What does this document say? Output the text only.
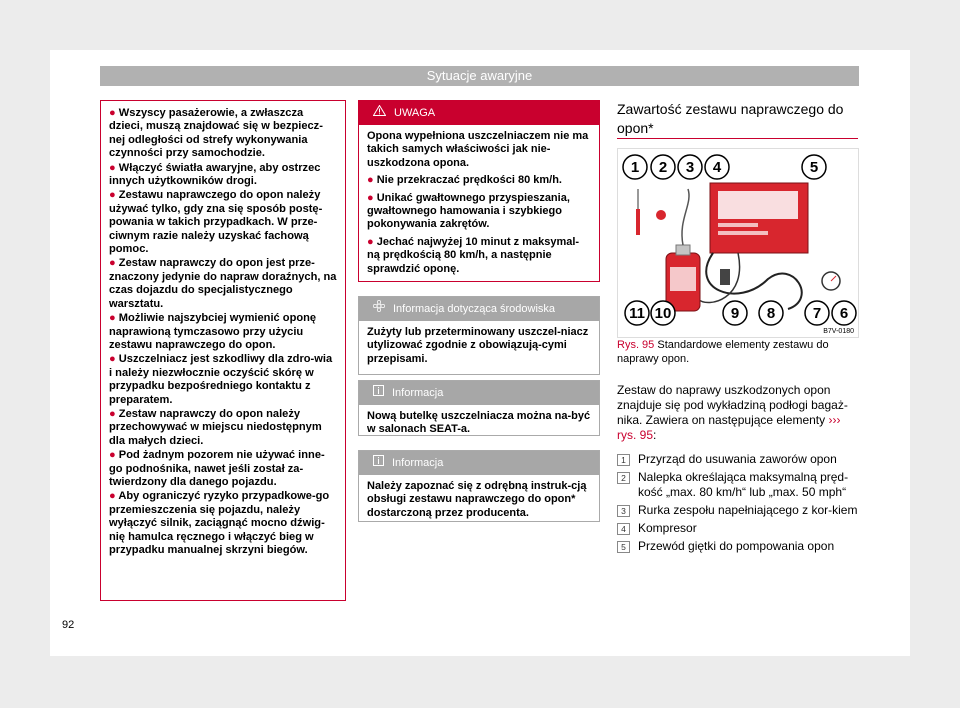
Sytuacje awaryjne
● Wszyscy pasażerowie, a zwłaszcza dzieci, muszą znajdować się w bezpiecz-nej odległości od strefy wykonywania czynności przy samochodzie.
● Włączyć światła awaryjne, aby ostrzec innych użytkowników drogi.
● Zestawu naprawczego do opon należy używać tylko, gdy zna się sposób postę-powania w takich przypadkach. W prze-ciwnym razie należy uzyskać fachową pomoc.
● Zestaw naprawczy do opon jest prze-znaczony jedynie do napraw doraźnych, na czas dojazdu do specjalistycznego warsztatu.
● Możliwie najszybciej wymienić oponę naprawioną tymczasowo przy użyciu zestawu naprawczego do opon.
● Uszczelniacz jest szkodliwy dla zdro-wia i należy niezwłocznie oczyścić skórę w przypadku bezpośredniego kontaktu z preparatem.
● Zestaw naprawczy do opon należy przechowywać w miejscu niedostępnym dla małych dzieci.
● Pod żadnym pozorem nie używać inne-go podnośnika, nawet jeśli został za-twierdzony dla danego pojazdu.
● Aby ograniczyć ryzyko przypadkowe-go przemieszczenia się pojazdu, należy wyłączyć silnik, zaciągnąć mocno dźwig-nię hamulca ręcznego i włączyć bieg w przypadku manualnej skrzyni biegów.
UWAGA

Opona wypełniona uszczelniaczem nie ma takich samych właściwości jak nie-uszkodzona opona.

● Nie przekraczać prędkości 80 km/h.

● Unikać gwałtownego przyspieszania, gwałtownego hamowania i szybkiego pokonywania zakrętów.

● Jechać najwyżej 10 minut z maksymal-ną prędkością 80 km/h, a następnie sprawdzić oponę.

Informacja dotycząca środowiska

Zużyty lub przeterminowany uszczel-niacz utylizować zgodnie z obowiązują-cymi przepisami.

Informacja

Nową butelkę uszczelniacza można na-być w salonach SEAT-a.

Informacja

Należy zapoznać się z odrębną instruk-cją obsługi zestawu naprawczego do opon* dostarczoną przez producenta.

Zawartość zestawu naprawczego do opon*
1 2 3 4	5
11 10	9 8	7 6
B7V-0180
Rys. 95 Standardowe elementy zestawu do naprawy opon.
Zestaw do naprawy uszkodzonych opon znajduje się pod wykładziną podłogi bagaż-nika. Zawiera on następujące elementy ››› rys. 95:
1	Przyrząd do usuwania zaworów opon
2	Nalepka określająca maksymalną pręd-kość „max. 80 km/h“ lub „max. 50 mph“
3	Rurka zespołu napełniającego z kor-kiem
4	Kompresor
5	Przewód giętki do pompowania opon
92
